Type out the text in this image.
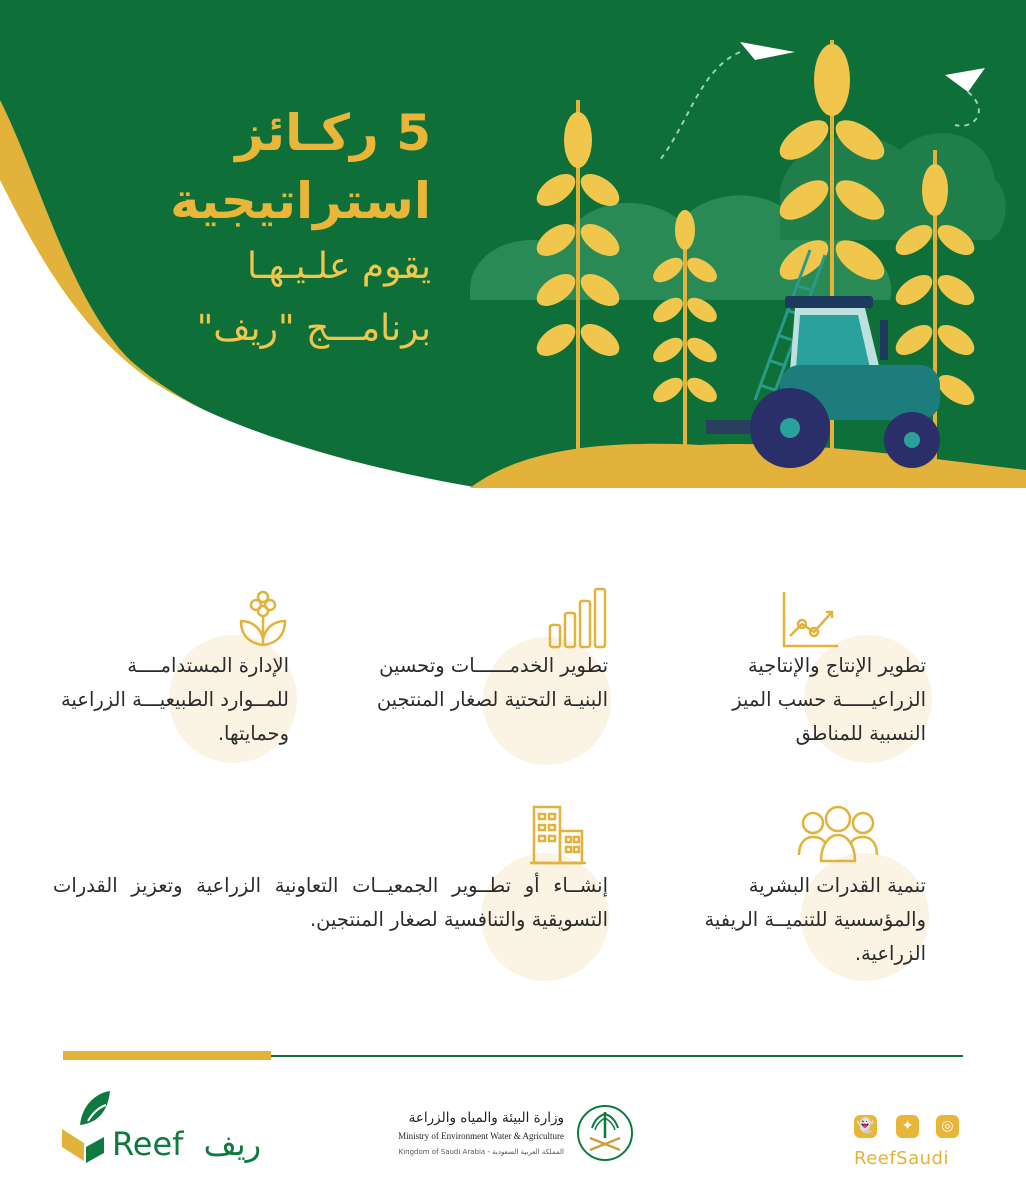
5 ركـائز
استراتيجية
يقوم علـيـهـا
برنامـــج "ريف"
تطوير الإنتاج والإنتاجية الزراعيـــــة حسب الميز النسبية للمناطق
تطوير الخدمــــــات وتحسين البنيـة التحتية لصغار المنتجين
الإدارة المستدامــــة للمــوارد الطبيعيـــة الزراعية وحمايتها.
تنمية القدرات البشرية والمؤسسية للتنميــة الريفية الزراعية.
إنشــاء أو تطــوير الجمعيــات التعاونية الزراعية وتعزيز القدرات التسويقية والتنافسية لصغار المنتجين.
Reef ريف
وزارة البيئة والمياه والزراعة
Ministry of Environment Water & Agriculture
Kingdom of Saudi Arabia - المملكة العربية السعودية
👻	✦	◎
ReefSaudi
